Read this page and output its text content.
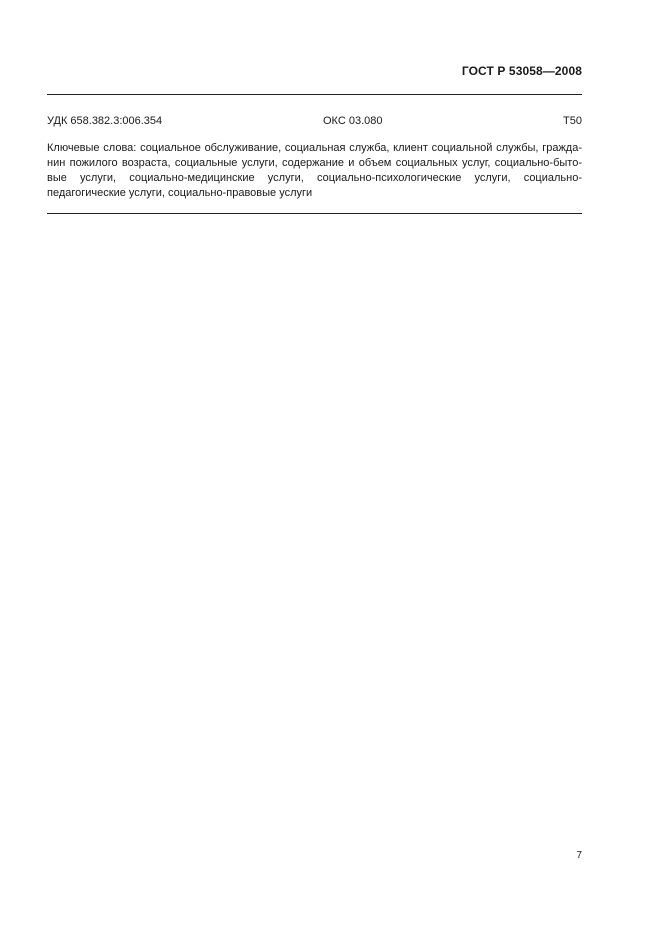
ГОСТ Р 53058—2008
УДК 658.382.3:006.354	ОКС 03.080	Т50
Ключевые слова: социальное обслуживание, социальная служба, клиент социальной службы, гражда-
нин пожилого возраста, социальные услуги, содержание и объем социальных услуг, социально-быто-
вые услуги, социально-медицинские услуги, социально-психологические услуги, социально-
педагогические услуги, социально-правовые услуги
7
